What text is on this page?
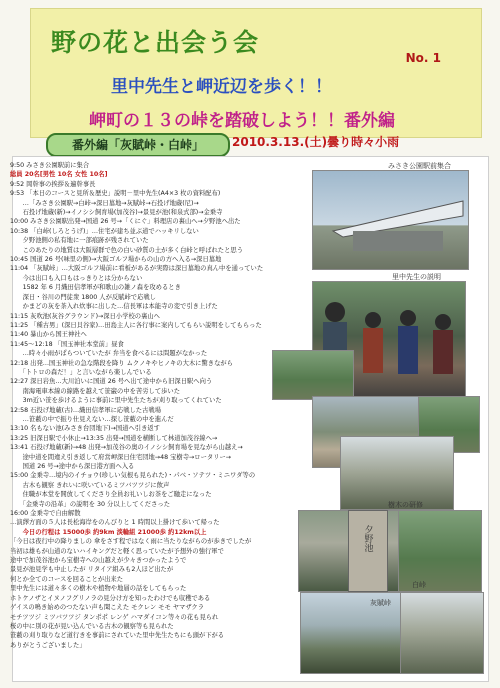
野の花と出会う会
No. 1
里中先生と岬近辺を歩く！！
岬町の１３の峠を踏破しよう！！番外編
番外編「灰賦峠・白峠」	2010.3.13.(土)曇り時々小雨
9:50 みさき公園駅前に集合
総員 20名[男性 10名 女性 10名]
9:52 岡幹事の挨拶＆遍幹事長
9:53 「本日のコースと見所＆歴史」説明－里中先生(A4×3 枚の資料配布)
　　…「みさき公園駅→白峠→深日墓地→灰賦峠→石投げ地蔵(尼)→
　　石投げ地蔵(新)→イノシシ飼育場(加茂谷)→景見が池(和泉式部)→金乗寺
10:00 みさき公園駅出発→国道 26 号→「くにぐ」料理店の裏山へ→夕野池へ出た
10:38 「白峠(しろとうげ)」…住宅が建ち並ぶ道でハッキリしない
　　夕野池側の私有地に一部痕跡が残されていた
　　このあたりの地質は大阪層群で色の白い砂質の土が多く白峠と呼ばれたと思う
10:45 国道 26 号(味里の側)→大阪ゴルフ場からの山の方へ入る→深日墓地
11:04 「灰賦峠」…大阪ゴルフ場前に看板があるが実際は深日墓地の真ん中を通っていた
　　今は出口も入口もはっきりとは分からない
　　1582 年 6 月織田信孝軍が和歌山の雑ノ森を攻めるとき
　　深日・谷川の門徒衆 1800 人が反賦峠で応戦し
　　かまどの灰を茶入れ炊事に出した…信長軍は本能寺の変で引き上げた
11:15 灰吹池(灰谷グラウンド)→深日小学校の裏山へ
11:25 「種古男」(深日貝谷家)…田島主人に各行事に案内してもらい説明をしてもらった
11:40 暴山から国王神社へ
11:45～12:18 「国玉神社本堂前」昼食
　　…時々小雨がぱらついていたが 弁当を食べるには問題がなかった
12:18 出発…国玉神社の急な階段を降り ムクノキやヒノキの大木に驚きながら
　　「トトロの森だ！」と言いながら楽しんでいる
12:27 深日岩魚…大川泊いに国道 26 号へ出て途中から旧深日駅へ向う
　　南海電車本線の線路を越えて笹巌の中を苦労して歩いた
　　3m近い笹を歩けるように事前に里中先生たちが刈り取ってくれていた
12:58 石投げ地蔵(古)…織田信孝軍に応戦した古戦場
　　…笹藪の中で振り仕見えない…探し笹藪の中を進んだ
13:10 名もない池(みさき台団地下)→国道へ引き返す
13:25 旧深日駅で小休止→13:35 出発→国道を横断して林道加茂谷線へ→
13:41 石投げ地蔵(新)→48 出発→加茂谷の奥のイノシシ飼育場を見ながら山越え→
　　途中道を間違え引き返して府営岬深日住宅団地→48 宝樹寺→ロータリー→
　　国道 26 号→途中から深日港方面へ入る
15:00 金乗寺…境内のイチョウ(珍しい気根も見られた)・パべ・ソテツ・ミニワダ等の
　　古木も観察 きれいに咲いているミツバツツジに飲声
　　住職が本堂を開放してくださり全員お礼いしお茶をご馳走になった
　　「金乗寺の沿革」の説明を 30 分以上してくださった
16:00 金乗寺で自由解散
…演繹方面の５人は長松海岸をのんびりと 1 時間以上掛けて歩いて帰った
　　今日の行程は 15000歩 約9km 淡輪組 21000歩 約12km以上
「今日は夜行中の降りましの 傘をさす程ではなく雨に当たりながらのが歩きでしたが
当初は雄もが山道のないハイキングだと軽く思っていたが予想外の強行軍で
途中で加茂谷池から宝樹寺への山越えが少々きつかったようで
景見が池見学も中止したが リタイア組みも2人ほど出たが
何とか全てのコースを回ることが出来た
里中先生には道々多くの樹木や植物や地層の話をしてもらった
ホトケノザとイヌノフグリノラの見分け方を知ったわけでも収穫である
ゲイスの鳴き始めのつたない声も聞こえた モクレン モモ ヤマザクラ
モチツツジ ミツバツツジ タンポポ レンゲ ハマダイコン等々の花も見られ
桜の中に別の花が見い込んでいる古木の観察等も見られた
笹藪の刈り取りなど道行きを事前にされていた里中先生たちにも頭が下がる
ありがとうございました」
みさき公園駅前集合
里中先生の説明
樹木の研修
夕野池
白峠
灰賦峠
